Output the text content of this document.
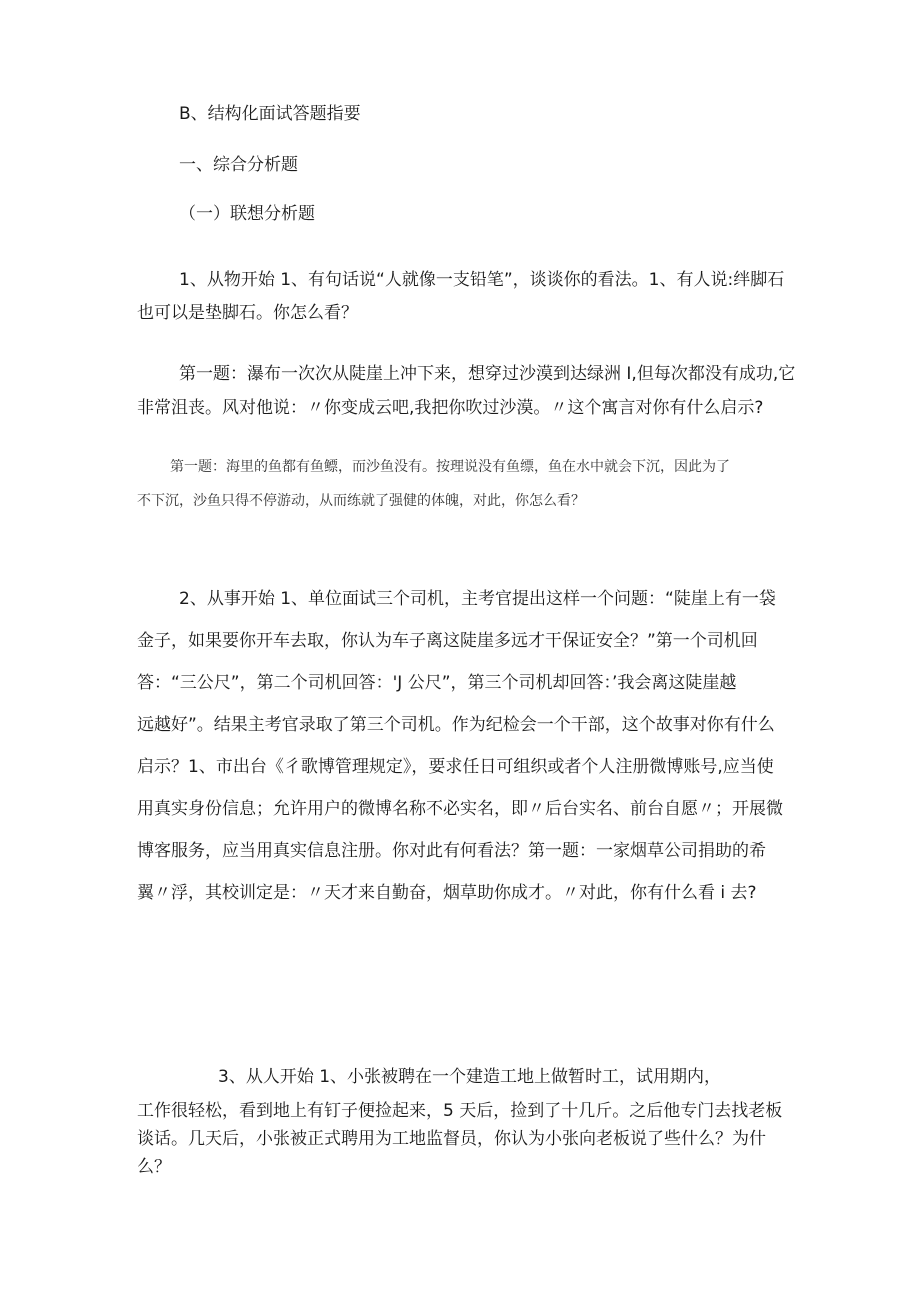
B、结构化面试答题指要

一、综合分析题

（一）联想分析题

1、从物开始 1、有句话说“人就像一支铅笔”，谈谈你的看法。1、有人说:绊脚石

也可以是垫脚石。你怎么看？

第一题：瀑布一次次从陡崖上冲下来，想穿过沙漠到达绿洲 I,但每次都没有成功,它

非常沮丧。风对他说：〃你变成云吧,我把你吹过沙漠。〃这个寓言对你有什么启示?

第一题：海里的鱼都有鱼鳔，而沙鱼没有。按理说没有鱼缥，鱼在水中就会下沉，因此为了

不下沉，沙鱼只得不停游动，从而练就了强健的体魄，对此，你怎么看？

2、从事开始 1、单位面试三个司机，主考官提出这样一个问题：“陡崖上有一袋

金子，如果要你开车去取，你认为车子离这陡崖多远才干保证安全？”第一个司机回

答：“三公尺”，第二个司机回答：'J 公尺”，第三个司机却回答：’我会离这陡崖越

远越好”。结果主考官录取了第三个司机。作为纪检会一个干部，这个故事对你有什么

启示？1、市出台《彳歌博管理规定》，要求任日可组织或者个人注册微博账号,应当使

用真实身份信息；允许用户的微博名称不必实名，即〃后台实名、前台自愿〃；开展微

博客服务，应当用真实信息注册。你对此有何看法？第一题：一家烟草公司捐助的希

翼〃浮，其校训定是：〃天才来自勤奋，烟草助你成才。〃对此，你有什么看 i 去?

3、从人开始 1、小张被聘在一个建造工地上做暂时工，试用期内，

工作很轻松，看到地上有钉子便捡起来，5 天后，捡到了十几斤。之后他专门去找老板

谈话。几天后，小张被正式聘用为工地监督员，你认为小张向老板说了些什么？为什

么？
